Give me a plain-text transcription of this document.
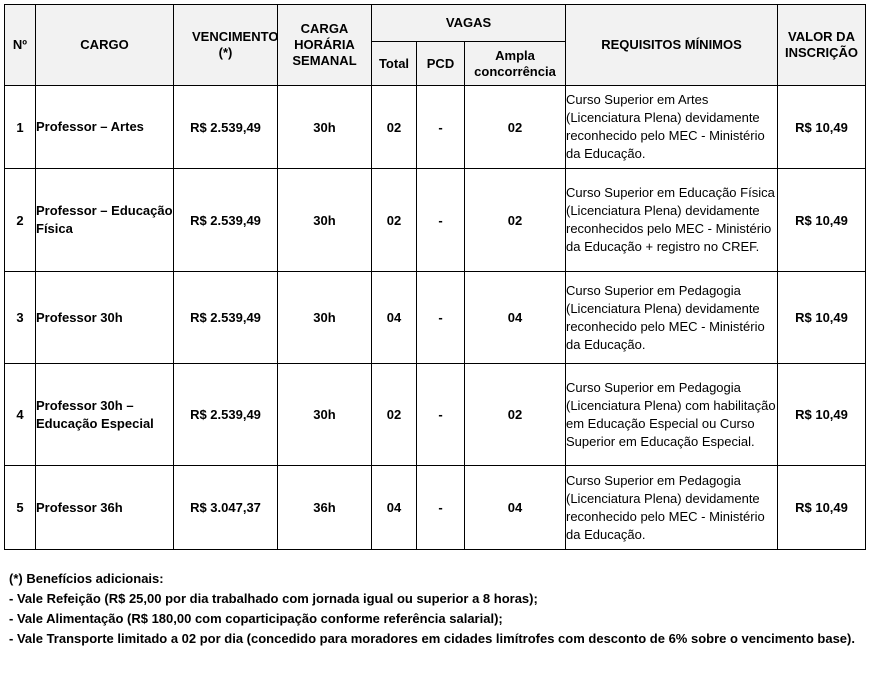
Nº	CARGO	VENCIMENTO (*)	CARGA HORÁRIA SEMANAL	VAGAS			REQUISITOS MÍNIMOS	VALOR DA INSCRIÇÃO
				Total	PCD	Ampla concorrência		
1	Professor – Artes	R$ 2.539,49	30h	02	-	02	Curso Superior em Artes (Licenciatura Plena) devidamente reconhecido pelo MEC - Ministério da Educação.	R$ 10,49
2	Professor – Educação Física	R$ 2.539,49	30h	02	-	02	Curso Superior em Educação Física (Licenciatura Plena) devidamente reconhecidos pelo MEC - Ministério da Educação + registro no CREF.	R$ 10,49
3	Professor 30h	R$ 2.539,49	30h	04	-	04	Curso Superior em Pedagogia (Licenciatura Plena) devidamente reconhecido pelo MEC - Ministério da Educação.	R$ 10,49
4	Professor 30h – Educação Especial	R$ 2.539,49	30h	02	-	02	Curso Superior em Pedagogia (Licenciatura Plena) com habilitação em Educação Especial ou Curso Superior em Educação Especial.	R$ 10,49
5	Professor 36h	R$ 3.047,37	36h	04	-	04	Curso Superior em Pedagogia (Licenciatura Plena) devidamente reconhecido pelo MEC - Ministério da Educação.	R$ 10,49

(*) Benefícios adicionais:

- Vale Refeição (R$ 25,00 por dia trabalhado com jornada igual ou superior a 8 horas);

- Vale Alimentação (R$ 180,00 com coparticipação conforme referência salarial);

- Vale Transporte limitado a 02 por dia (concedido para moradores em cidades limítrofes com desconto de 6% sobre o vencimento base).
